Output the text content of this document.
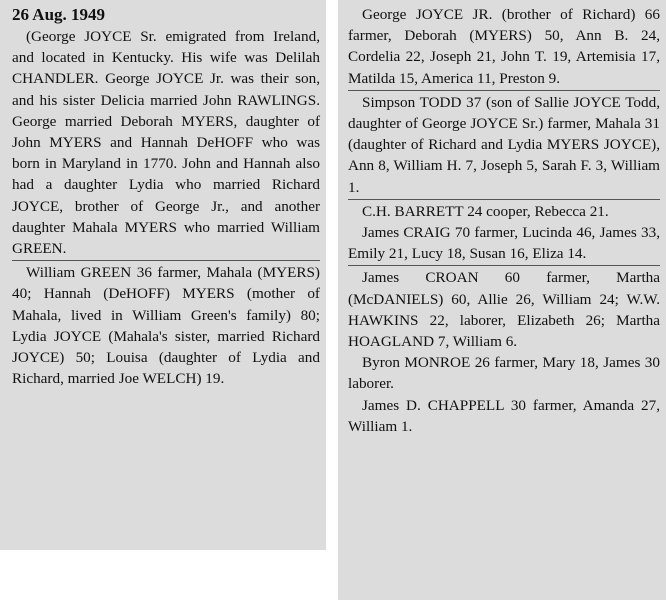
26 Aug. 1949

(George JOYCE Sr. emigrated from Ireland, and located in Kentucky. His wife was Delilah CHANDLER. George JOYCE Jr. was their son, and his sister Delicia married John RAWLINGS. George married Deborah MYERS, daughter of John MYERS and Hannah DeHOFF who was born in Maryland in 1770. John and Hannah also had a daughter Lydia who married Richard JOYCE, brother of George Jr., and another daughter Mahala MYERS who married William GREEN.

William GREEN 36 farmer, Mahala (MYERS) 40; Hannah (DeHOFF) MYERS (mother of Mahala, lived in William Green's family) 80; Lydia JOYCE (Mahala's sister, married Richard JOYCE) 50; Louisa (daughter of Lydia and Richard, married Joe WELCH) 19.

George JOYCE JR. (brother of Richard) 66 farmer, Deborah (MYERS) 50, Ann B. 24, Cordelia 22, Joseph 21, John T. 19, Artemisia 17, Matilda 15, America 11, Preston 9.

Simpson TODD 37 (son of Sallie JOYCE Todd, daughter of George JOYCE Sr.) farmer, Mahala 31 (daughter of Richard and Lydia MYERS JOYCE), Ann 8, William H. 7, Joseph 5, Sarah F. 3, William 1.

C.H. BARRETT 24 cooper, Rebecca 21.

James CRAIG 70 farmer, Lucinda 46, James 33, Emily 21, Lucy 18, Susan 16, Eliza 14.

James CROAN 60 farmer, Martha (McDANIELS) 60, Allie 26, William 24; W.W. HAWKINS 22, laborer, Elizabeth 26; Martha HOAGLAND 7, William 6.

Byron MONROE 26 farmer, Mary 18, James 30 laborer.

James D. CHAPPELL 30 farmer, Amanda 27, William 1.
